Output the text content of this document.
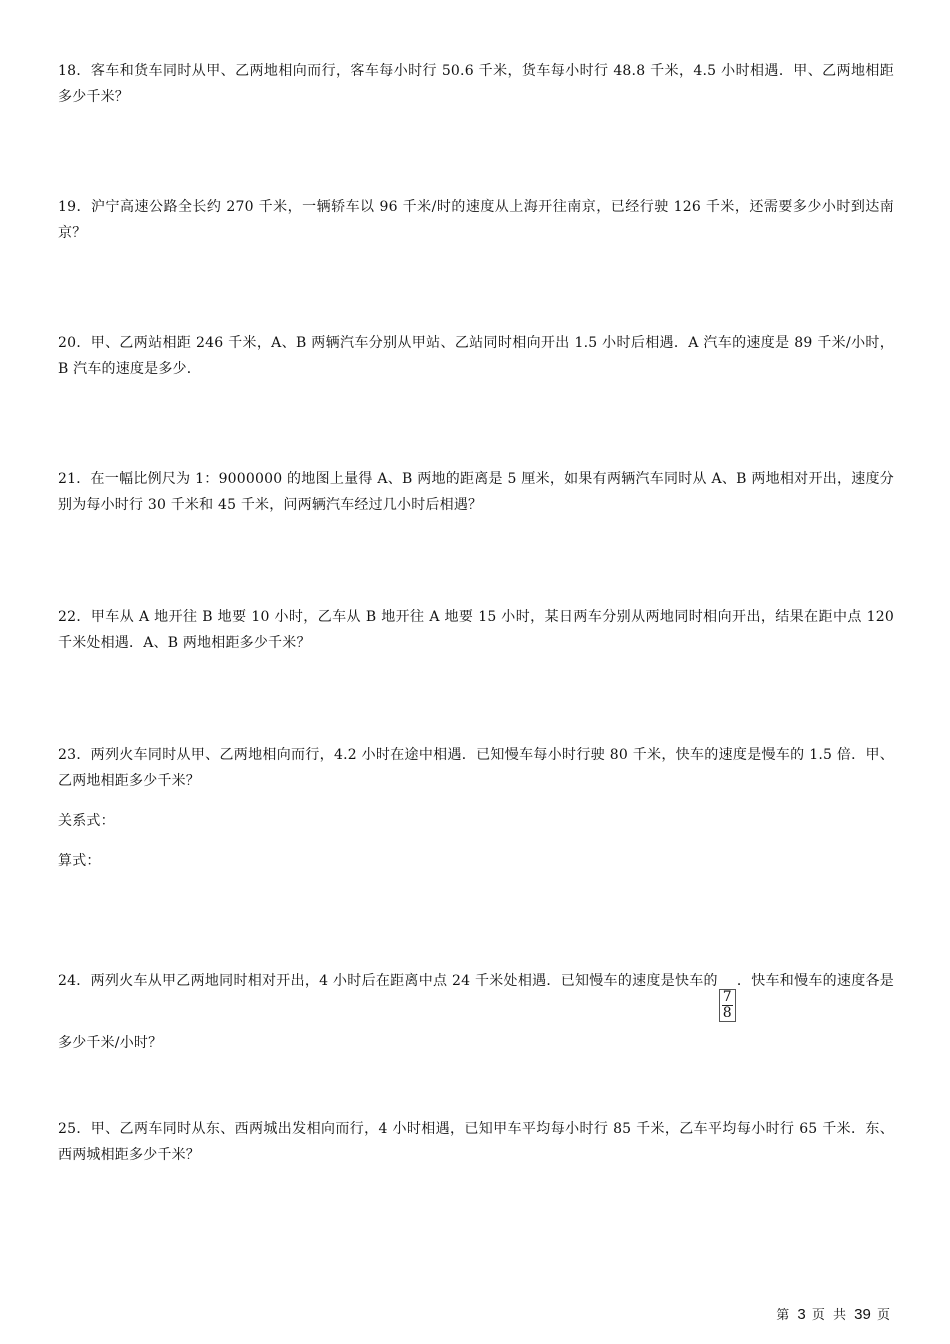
18．客车和货车同时从甲、乙两地相向而行，客车每小时行 50.6 千米，货车每小时行 48.8 千米，4.5 小时相遇．甲、乙两地相距多少千米？
19．沪宁高速公路全长约 270 千米，一辆轿车以 96 千米/时的速度从上海开往南京，已经行驶 126 千米，还需要多少小时到达南京？
20．甲、乙两站相距 246 千米，A、B 两辆汽车分别从甲站、乙站同时相向开出 1.5 小时后相遇．A 汽车的速度是 89 千米/小时，B 汽车的速度是多少．
21．在一幅比例尺为 1：9000000 的地图上量得 A、B 两地的距离是 5 厘米，如果有两辆汽车同时从 A、B 两地相对开出，速度分别为每小时行 30 千米和 45 千米，问两辆汽车经过几小时后相遇？
22．甲车从 A 地开往 B 地要 10 小时，乙车从 B 地开往 A 地要 15 小时，某日两车分别从两地同时相向开出，结果在距中点 120 千米处相遇．A、B 两地相距多少千米？
23．两列火车同时从甲、乙两地相向而行，4.2 小时在途中相遇．已知慢车每小时行驶 80 千米，快车的速度是慢车的 1.5 倍．甲、乙两地相距多少千米？
关系式：
算式：
24．两列火车从甲乙两地同时相对开出，4 小时后在距离中点 24 千米处相遇．已知慢车的速度是快车的
$\frac{7}{8}$
．快车和慢车的速度各是多少千米/小时？
25．甲、乙两车同时从东、西两城出发相向而行，4 小时相遇，已知甲车平均每小时行 85 千米，乙车平均每小时行 65 千米．东、西两城相距多少千米？
第 3 页 共 39 页
